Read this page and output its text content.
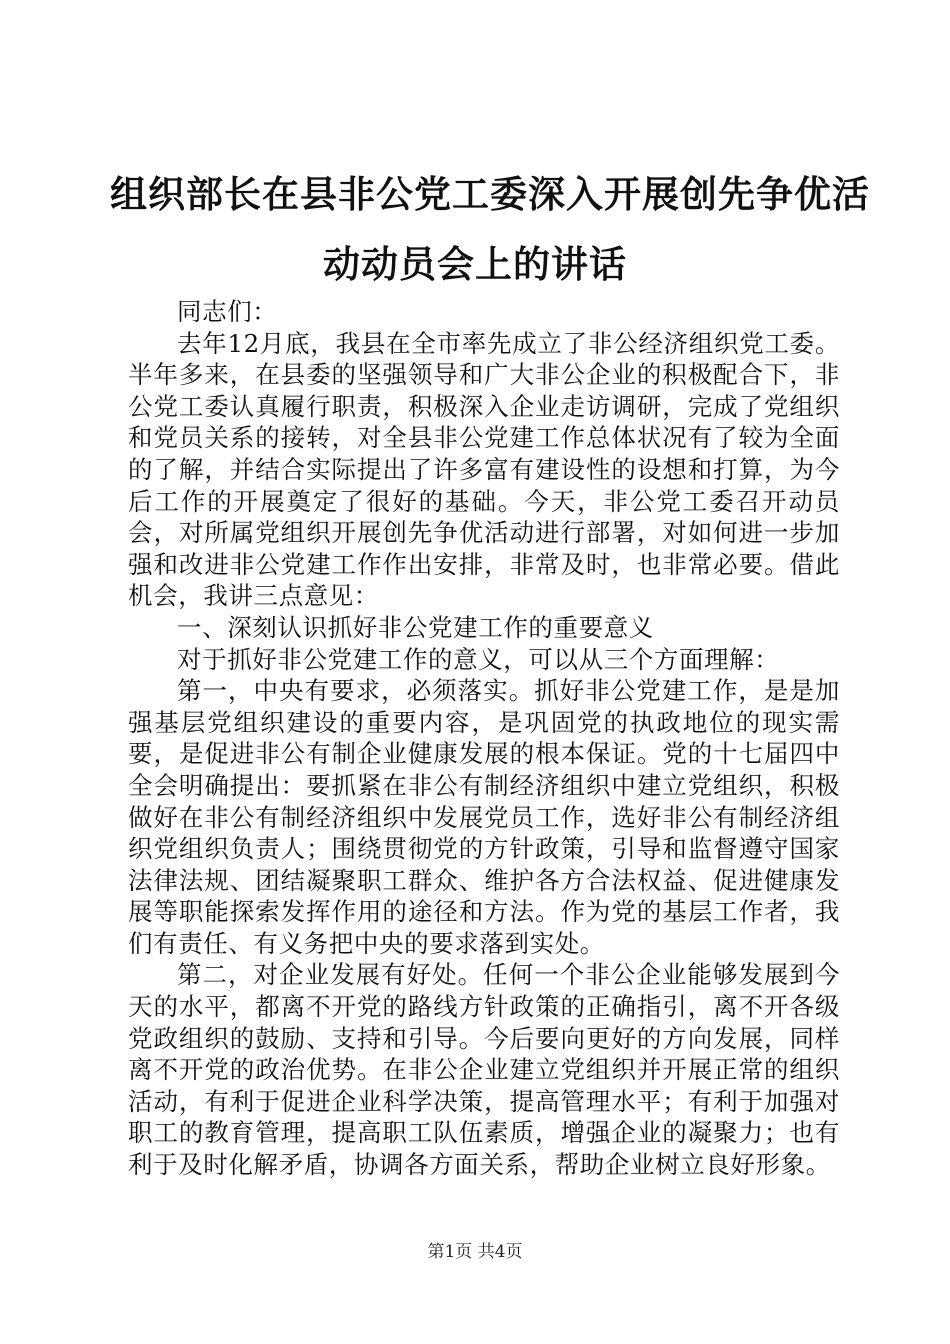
组织部长在县非公党工委深入开展创先争优活
动动员会上的讲话

同志们：

去年12月底，我县在全市率先成立了非公经济组织党工委。半年多来，在县委的坚强领导和广大非公企业的积极配合下，非公党工委认真履行职责，积极深入企业走访调研，完成了党组织和党员关系的接转，对全县非公党建工作总体状况有了较为全面的了解，并结合实际提出了许多富有建设性的设想和打算，为今后工作的开展奠定了很好的基础。今天，非公党工委召开动员会，对所属党组织开展创先争优活动进行部署，对如何进一步加强和改进非公党建工作作出安排，非常及时，也非常必要。借此机会，我讲三点意见：

一、深刻认识抓好非公党建工作的重要意义

对于抓好非公党建工作的意义，可以从三个方面理解：

第一，中央有要求，必须落实。抓好非公党建工作，是是加强基层党组织建设的重要内容，是巩固党的执政地位的现实需要，是促进非公有制企业健康发展的根本保证。党的十七届四中全会明确提出：要抓紧在非公有制经济组织中建立党组织，积极做好在非公有制经济组织中发展党员工作，选好非公有制经济组织党组织负责人；围绕贯彻党的方针政策，引导和监督遵守国家法律法规、团结凝聚职工群众、维护各方合法权益、促进健康发展等职能探索发挥作用的途径和方法。作为党的基层工作者，我们有责任、有义务把中央的要求落到实处。

第二，对企业发展有好处。任何一个非公企业能够发展到今天的水平，都离不开党的路线方针政策的正确指引，离不开各级党政组织的鼓励、支持和引导。今后要向更好的方向发展，同样离不开党的政治优势。在非公企业建立党组织并开展正常的组织活动，有利于促进企业科学决策，提高管理水平；有利于加强对职工的教育管理，提高职工队伍素质，增强企业的凝聚力；也有利于及时化解矛盾，协调各方面关系，帮助企业树立良好形象。

第1页 共4页
